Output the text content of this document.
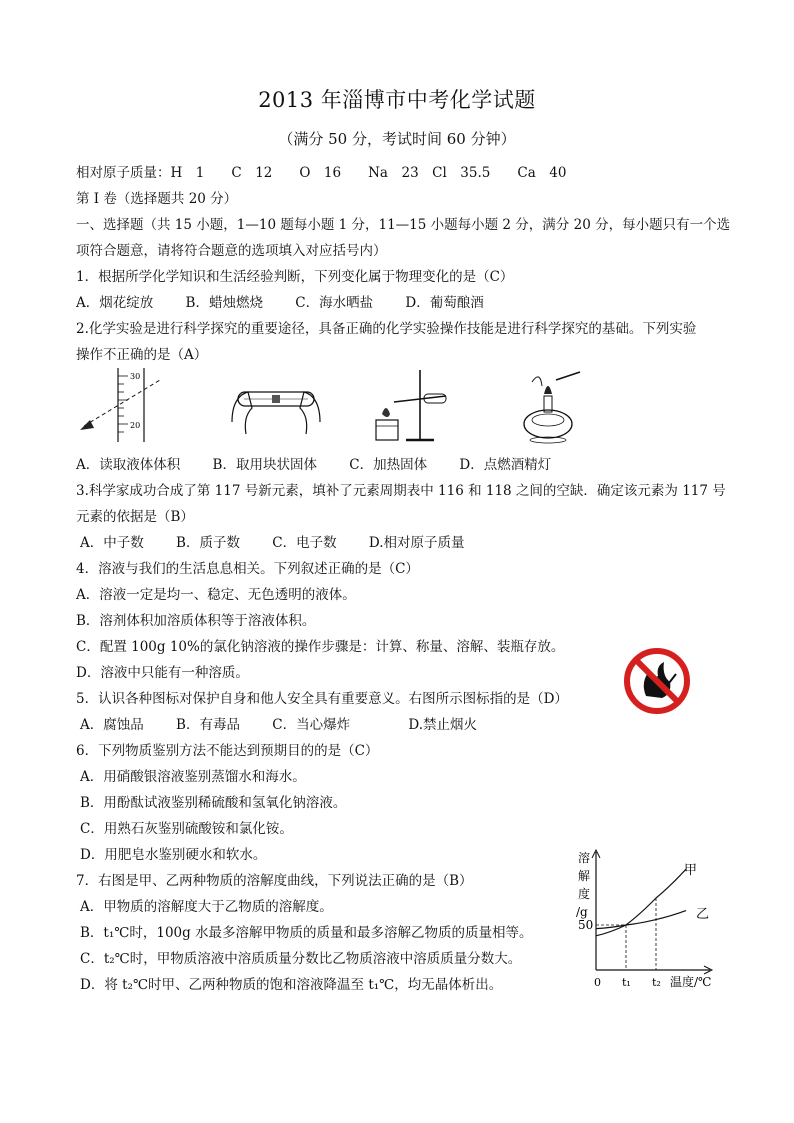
2013 年淄博市中考化学试题
（满分 50 分，考试时间 60 分钟）
相对原子质量：H　1　　C　12　　O　16　　Na　23　Cl　35.5　　Ca　40
第 I 卷（选择题共 20 分）
一、选择题（共 15 小题，1—10 题每小题 1 分，11—15 小题每小题 2 分，满分 20 分，每小题只有一个选
项符合题意，请将符合题意的选项填入对应括号内）
1．根据所学化学知识和生活经验判断，下列变化属于物理变化的是（C）
A．烟花绽放 B．蜡烛燃烧 C．海水晒盐 D．葡萄酿酒
2.化学实验是进行科学探究的重要途径，具备正确的化学实验操作技能是进行科学探究的基础。下列实验
操作不正确的是（A）
30
20
A．读取液体体积 B．取用块状固体 C．加热固体 D．点燃酒精灯
3.科学家成功合成了第 117 号新元素，填补了元素周期表中 116 和 118 之间的空缺．确定该元素为 117 号
元素的依据是（B）
A．中子数 B．质子数 C．电子数 D.相对原子质量
4．溶液与我们的生活息息相关。下列叙述正确的是（C）
A．溶液一定是均一、稳定、无色透明的液体。
B．溶剂体积加溶质体积等于溶液体积。
C．配置 100g 10%的氯化钠溶液的操作步骤是：计算、称量、溶解、装瓶存放。
D．溶液中只能有一种溶质。
5．认识各种图标对保护自身和他人安全具有重要意义。右图所示图标指的是（D）
A．腐蚀品 B．有毒品 C．当心爆炸	D.禁止烟火
6．下列物质鉴别方法不能达到预期目的的是（C）
A．用硝酸银溶液鉴别蒸馏水和海水。
B．用酚酞试液鉴别稀硫酸和氢氧化钠溶液。
C．用熟石灰鉴别硫酸铵和氯化铵。
D．用肥皂水鉴别硬水和软水。
7．右图是甲、乙两种物质的溶解度曲线，下列说法正确的是（B）
A．甲物质的溶解度大于乙物质的溶解度。
B．t₁℃时，100g 水最多溶解甲物质的质量和最多溶解乙物质的质量相等。
C．t₂℃时，甲物质溶液中溶质质量分数比乙物质溶液中溶质质量分数大。
D．将 t₂℃时甲、乙两种物质的饱和溶液降温至 t₁℃，均无晶体析出。
溶
解
度
/g
0
50
t₁ t₂ 温度/℃
甲
乙
